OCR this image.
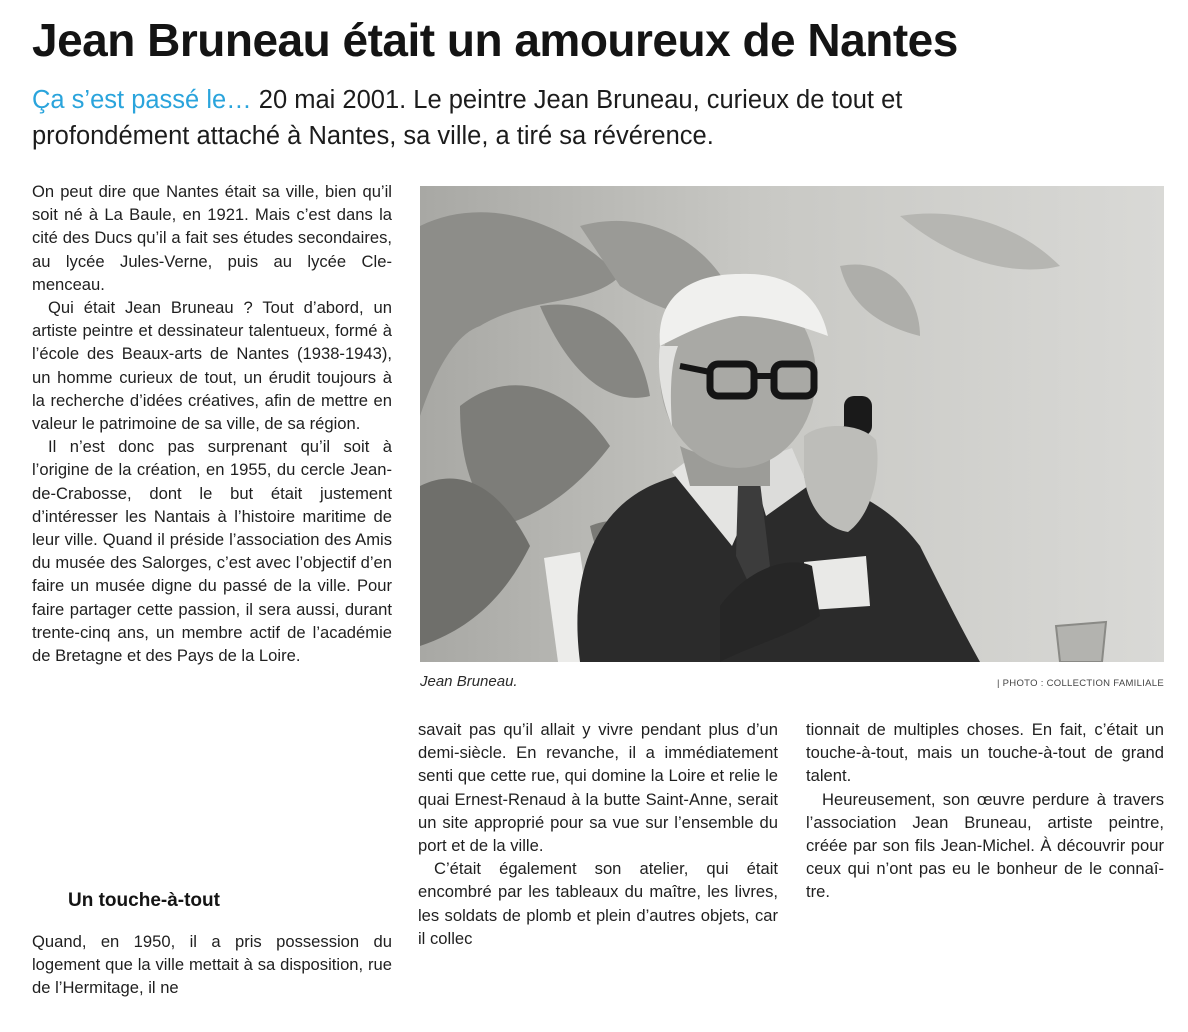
Jean Bruneau était un amoureux de Nantes

Ça s’est passé le… 20 mai 2001. Le peintre Jean Bruneau, curieux de tout et profondément attaché à Nantes, sa ville, a tiré sa révérence.

On peut dire que Nantes était sa ville, bien qu’il soit né à La Baule, en 1921. Mais c’est dans la cité des Ducs qu’il a fait ses études secondaires, au lycée Jules-Verne, puis au lycée Clemenceau.

Qui était Jean Bruneau ? Tout d’abord, un artiste peintre et dessinateur talentueux, formé à l’école des Beaux-arts de Nantes (1938-1943), un homme curieux de tout, un érudit toujours à la recherche d’idées créatives, afin de mettre en valeur le patrimoine de sa ville, de sa région.

Il n’est donc pas surprenant qu’il soit à l’origine de la création, en 1955, du cercle Jean-de-Crabosse, dont le but était justement d’intéresser les Nantais à l’histoire maritime de leur ville. Quand il préside l’association des Amis du musée des Salorges, c’est avec l’objectif d’en faire un musée digne du passé de la ville. Pour faire partager cette passion, il sera aussi, durant trente-cinq ans, un membre actif de l’académie de Bretagne et des Pays de la Loire.

Un touche-à-tout

Quand, en 1950, il a pris possession du logement que la ville mettait à sa disposition, rue de l’Hermitage, il ne

Jean Bruneau.	| PHOTO : COLLECTION FAMILIALE

savait pas qu’il allait y vivre pendant plus d’un demi-siècle. En revanche, il a immédiatement senti que cette rue, qui domine la Loire et relie le quai Ernest-Renaud à la butte Saint-Anne, serait un site approprié pour sa vue sur l’ensemble du port et de la ville.

C’était également son atelier, qui était encombré par les tableaux du maître, les livres, les soldats de plomb et plein d’autres objets, car il collec

tionnait de multiples choses. En fait, c’était un touche-à-tout, mais un touche-à-tout de grand talent.

Heureusement, son œuvre perdure à travers l’association Jean Bruneau, artiste peintre, créée par son fils Jean-Michel. À découvrir pour ceux qui n’ont pas eu le bonheur de le connaître.
